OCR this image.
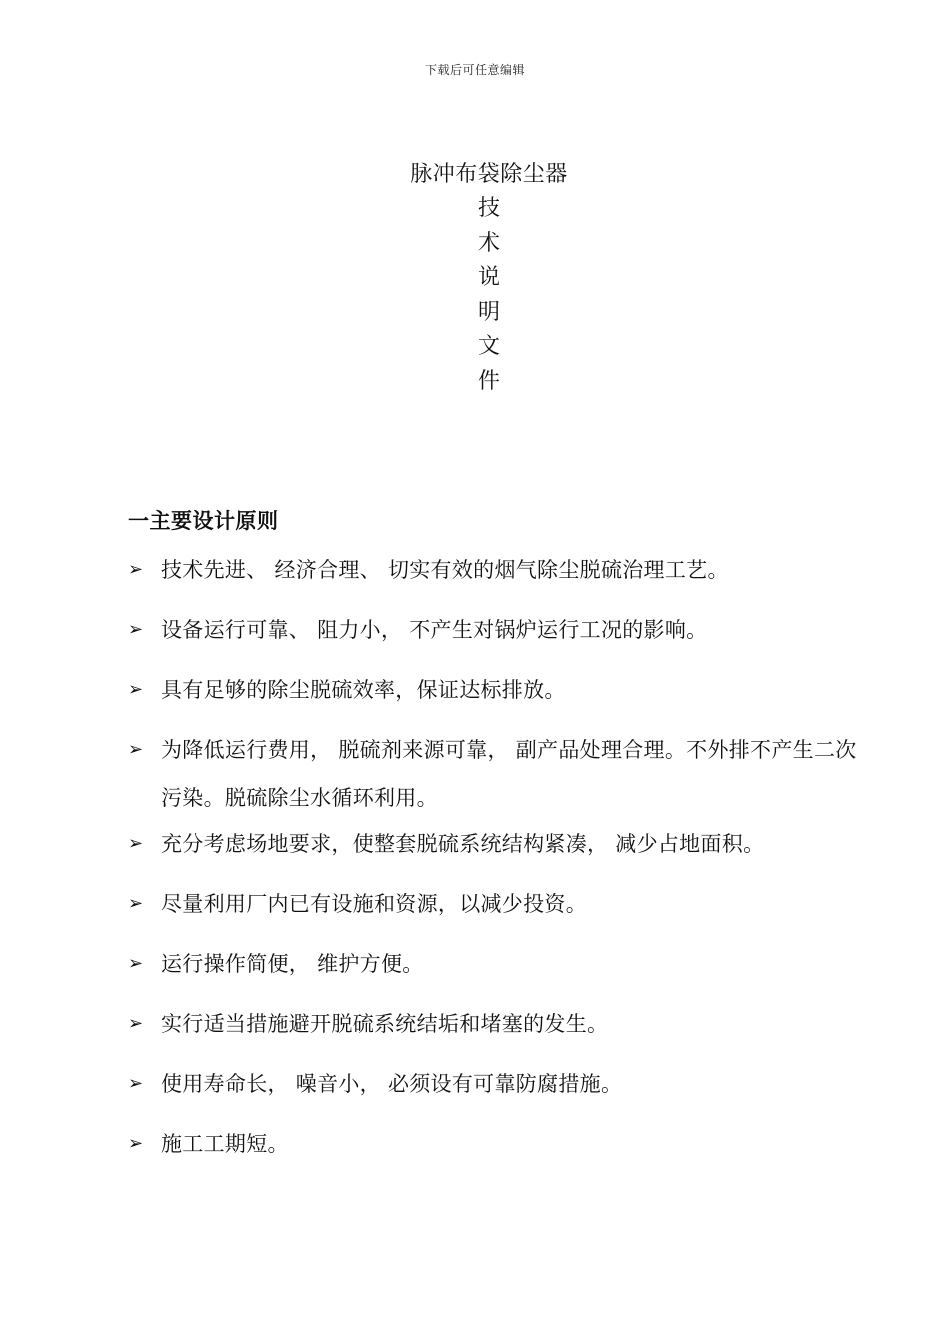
下载后可任意编辑
脉冲布袋除尘器
技
术
说
明
文
件
一主要设计原则
➢ 技术先进、 经济合理、 切实有效的烟气除尘脱硫治理工艺。
➢ 设备运行可靠、 阻力小， 不产生对锅炉运行工况的影响。
➢ 具有足够的除尘脱硫效率，保证达标排放。
➢ 为降低运行费用， 脱硫剂来源可靠， 副产品处理合理。不外排不产生二次污染。脱硫除尘水循环利用。
➢ 充分考虑场地要求，使整套脱硫系统结构紧凑， 减少占地面积。
➢ 尽量利用厂内已有设施和资源，以减少投资。
➢ 运行操作简便， 维护方便。
➢ 实行适当措施避开脱硫系统结垢和堵塞的发生。
➢ 使用寿命长， 噪音小， 必须设有可靠防腐措施。
➢ 施工工期短。
